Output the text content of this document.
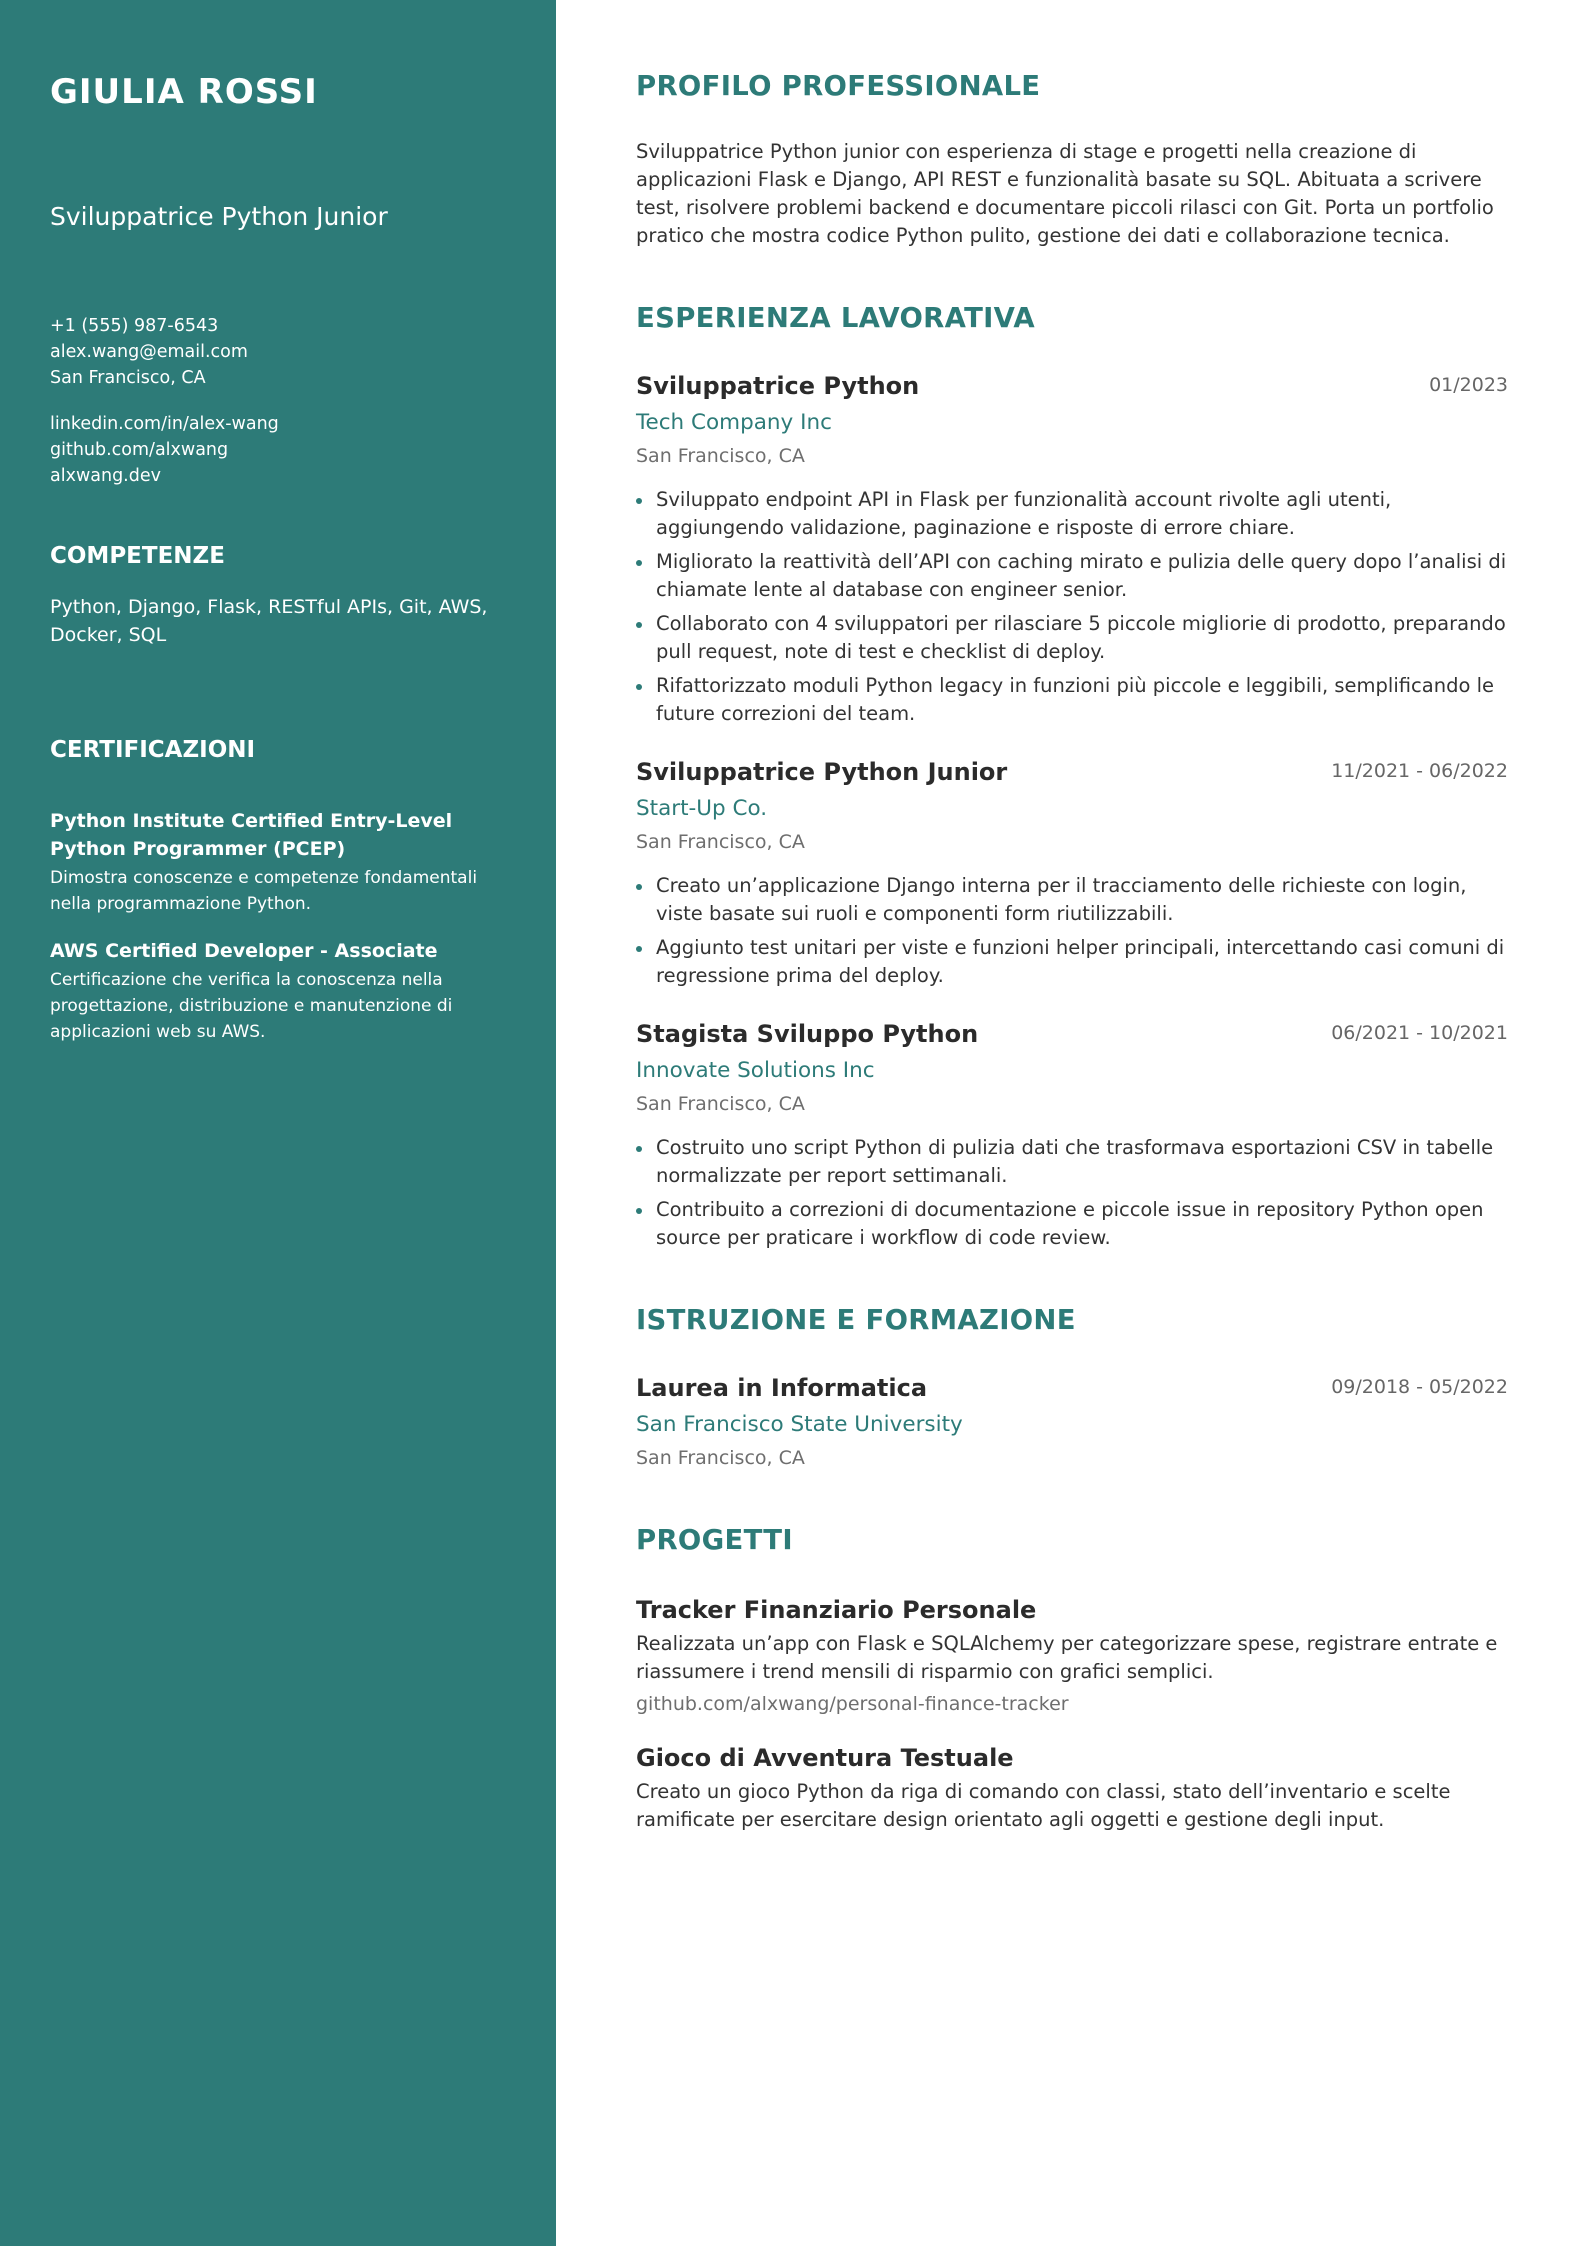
GIULIA ROSSI
Sviluppatrice Python Junior
+1 (555) 987-6543
alex.wang@email.com
San Francisco, CA
linkedin.com/in/alex-wang
github.com/alxwang
alxwang.dev
COMPETENZE
Python, Django, Flask, RESTful APIs, Git, AWS, Docker, SQL
CERTIFICAZIONI
Python Institute Certified Entry-Level Python Programmer (PCEP)
Dimostra conoscenze e competenze fondamentali nella programmazione Python.
AWS Certified Developer - Associate
Certificazione che verifica la conoscenza nella progettazione, distribuzione e manutenzione di applicazioni web su AWS.
PROFILO PROFESSIONALE

Sviluppatrice Python junior con esperienza di stage e progetti nella creazione di applicazioni Flask e Django, API REST e funzionalità basate su SQL. Abituata a scrivere test, risolvere problemi backend e documentare piccoli rilasci con Git. Porta un portfolio pratico che mostra codice Python pulito, gestione dei dati e collaborazione tecnica.

ESPERIENZA LAVORATIVA
Sviluppatrice Python	01/2023
Tech Company Inc
San Francisco, CA
Sviluppato endpoint API in Flask per funzionalità account rivolte agli utenti, aggiungendo validazione, paginazione e risposte di errore chiare.
Migliorato la reattività dell’API con caching mirato e pulizia delle query dopo l’analisi di chiamate lente al database con engineer senior.
Collaborato con 4 sviluppatori per rilasciare 5 piccole migliorie di prodotto, preparando pull request, note di test e checklist di deploy.
Rifattorizzato moduli Python legacy in funzioni più piccole e leggibili, semplificando le future correzioni del team.
Sviluppatrice Python Junior	11/2021 - 06/2022
Start-Up Co.
San Francisco, CA
Creato un’applicazione Django interna per il tracciamento delle richieste con login, viste basate sui ruoli e componenti form riutilizzabili.
Aggiunto test unitari per viste e funzioni helper principali, intercettando casi comuni di regressione prima del deploy.
Stagista Sviluppo Python	06/2021 - 10/2021
Innovate Solutions Inc
San Francisco, CA
Costruito uno script Python di pulizia dati che trasformava esportazioni CSV in tabelle normalizzate per report settimanali.
Contribuito a correzioni di documentazione e piccole issue in repository Python open source per praticare i workflow di code review.
ISTRUZIONE E FORMAZIONE
Laurea in Informatica	09/2018 - 05/2022
San Francisco State University
San Francisco, CA
PROGETTI
Tracker Finanziario Personale
Realizzata un’app con Flask e SQLAlchemy per categorizzare spese, registrare entrate e riassumere i trend mensili di risparmio con grafici semplici.
github.com/alxwang/personal-finance-tracker
Gioco di Avventura Testuale
Creato un gioco Python da riga di comando con classi, stato dell’inventario e scelte ramificate per esercitare design orientato agli oggetti e gestione degli input.
